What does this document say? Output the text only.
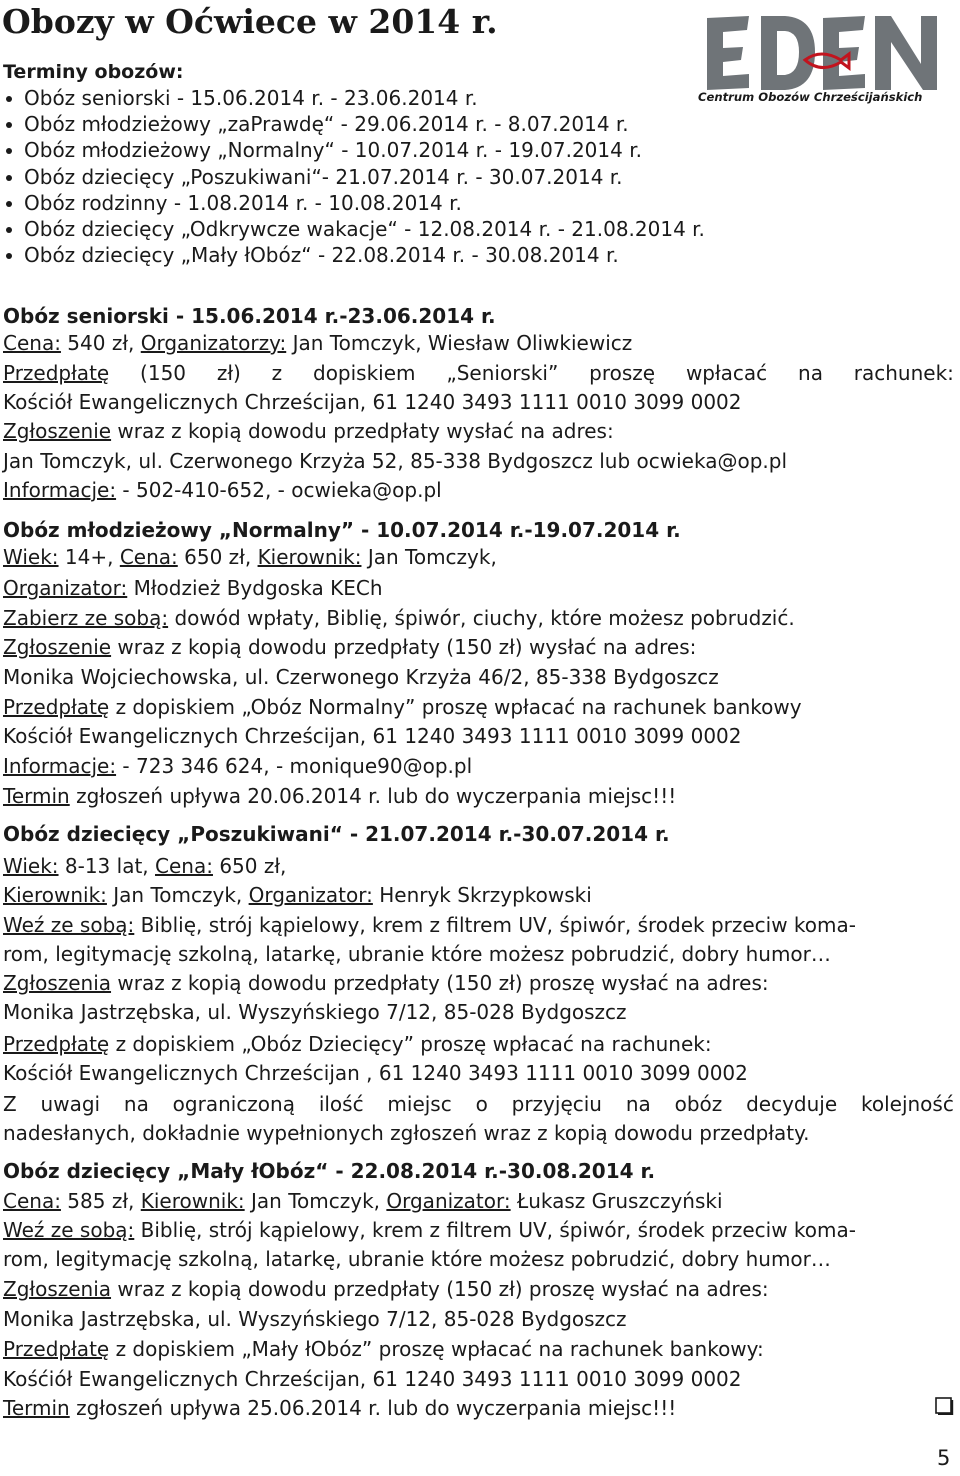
Obozy w Oćwiece w 2014 r.
Centrum Obozów Chrześcijańskich
Terminy obozów:
Obóz seniorski - 15.06.2014 r. - 23.06.2014 r.
Obóz młodzieżowy „zaPrawdę“ - 29.06.2014 r. - 8.07.2014 r.
Obóz młodzieżowy „Normalny“ - 10.07.2014 r. - 19.07.2014 r.
Obóz dziecięcy „Poszukiwani“- 21.07.2014 r. - 30.07.2014 r.
Obóz rodzinny - 1.08.2014 r. - 10.08.2014 r.
Obóz dziecięcy „Odkrywcze wakacje“ - 12.08.2014 r. - 21.08.2014 r.
Obóz dziecięcy „Mały łObóz“ - 22.08.2014 r. - 30.08.2014 r.
Obóz seniorski - 15.06.2014 r.-23.06.2014 r.
Cena: 540 zł, Organizatorzy: Jan Tomczyk, Wiesław Oliwkiewicz
Przedpłatę (150 zł) z dopiskiem „Seniorski” proszę wpłacać na rachunek:
Kościół Ewangelicznych Chrześcijan, 61 1240 3493 1111 0010 3099 0002
Zgłoszenie wraz z kopią dowodu przedpłaty wysłać na adres:
Jan Tomczyk, ul. Czerwonego Krzyża 52, 85-338 Bydgoszcz lub ocwieka@op.pl
Informacje: - 502-410-652, - ocwieka@op.pl
Obóz młodzieżowy „Normalny” - 10.07.2014 r.-19.07.2014 r.
Wiek: 14+, Cena: 650 zł, Kierownik: Jan Tomczyk,
Organizator: Młodzież Bydgoska KECh
Zabierz ze sobą: dowód wpłaty, Biblię, śpiwór, ciuchy, które możesz pobrudzić.
Zgłoszenie wraz z kopią dowodu przedpłaty (150 zł) wysłać na adres:
Monika Wojciechowska, ul. Czerwonego Krzyża 46/2, 85-338 Bydgoszcz
Przedpłatę z dopiskiem „Obóz Normalny” proszę wpłacać na rachunek bankowy
Kościół Ewangelicznych Chrześcijan, 61 1240 3493 1111 0010 3099 0002
Informacje: - 723 346 624, - monique90@op.pl
Termin zgłoszeń upływa 20.06.2014 r. lub do wyczerpania miejsc!!!
Obóz dziecięcy „Poszukiwani“ - 21.07.2014 r.-30.07.2014 r.
Wiek: 8-13 lat, Cena: 650 zł,
Kierownik: Jan Tomczyk, Organizator: Henryk Skrzypkowski
Weź ze sobą: Biblię, strój kąpielowy, krem z filtrem UV, śpiwór, środek przeciw koma-
rom, legitymację szkolną, latarkę, ubranie które możesz pobrudzić, dobry humor…
Zgłoszenia wraz z kopią dowodu przedpłaty (150 zł) proszę wysłać na adres:
Monika Jastrzębska, ul. Wyszyńskiego 7/12, 85-028 Bydgoszcz
Przedpłatę z dopiskiem „Obóz Dziecięcy” proszę wpłacać na rachunek:
Kościół Ewangelicznych Chrześcijan , 61 1240 3493 1111 0010 3099 0002
Z uwagi na ograniczoną ilość miejsc o przyjęciu na obóz decyduje kolejność
nadesłanych, dokładnie wypełnionych zgłoszeń wraz z kopią dowodu przedpłaty.
Obóz dziecięcy „Mały łObóz“ - 22.08.2014 r.-30.08.2014 r.
Cena: 585 zł, Kierownik: Jan Tomczyk, Organizator: Łukasz Gruszczyński
Weź ze sobą: Biblię, strój kąpielowy, krem z filtrem UV, śpiwór, środek przeciw koma-
rom, legitymację szkolną, latarkę, ubranie które możesz pobrudzić, dobry humor…
Zgłoszenia wraz z kopią dowodu przedpłaty (150 zł) proszę wysłać na adres:
Monika Jastrzębska, ul. Wyszyńskiego 7/12, 85-028 Bydgoszcz
Przedpłatę z dopiskiem „Mały łObóz” proszę wpłacać na rachunek bankowy:
Kośćiół Ewangelicznych Chrześcijan, 61 1240 3493 1111 0010 3099 0002
Termin zgłoszeń upływa 25.06.2014 r. lub do wyczerpania miejsc!!!
5
